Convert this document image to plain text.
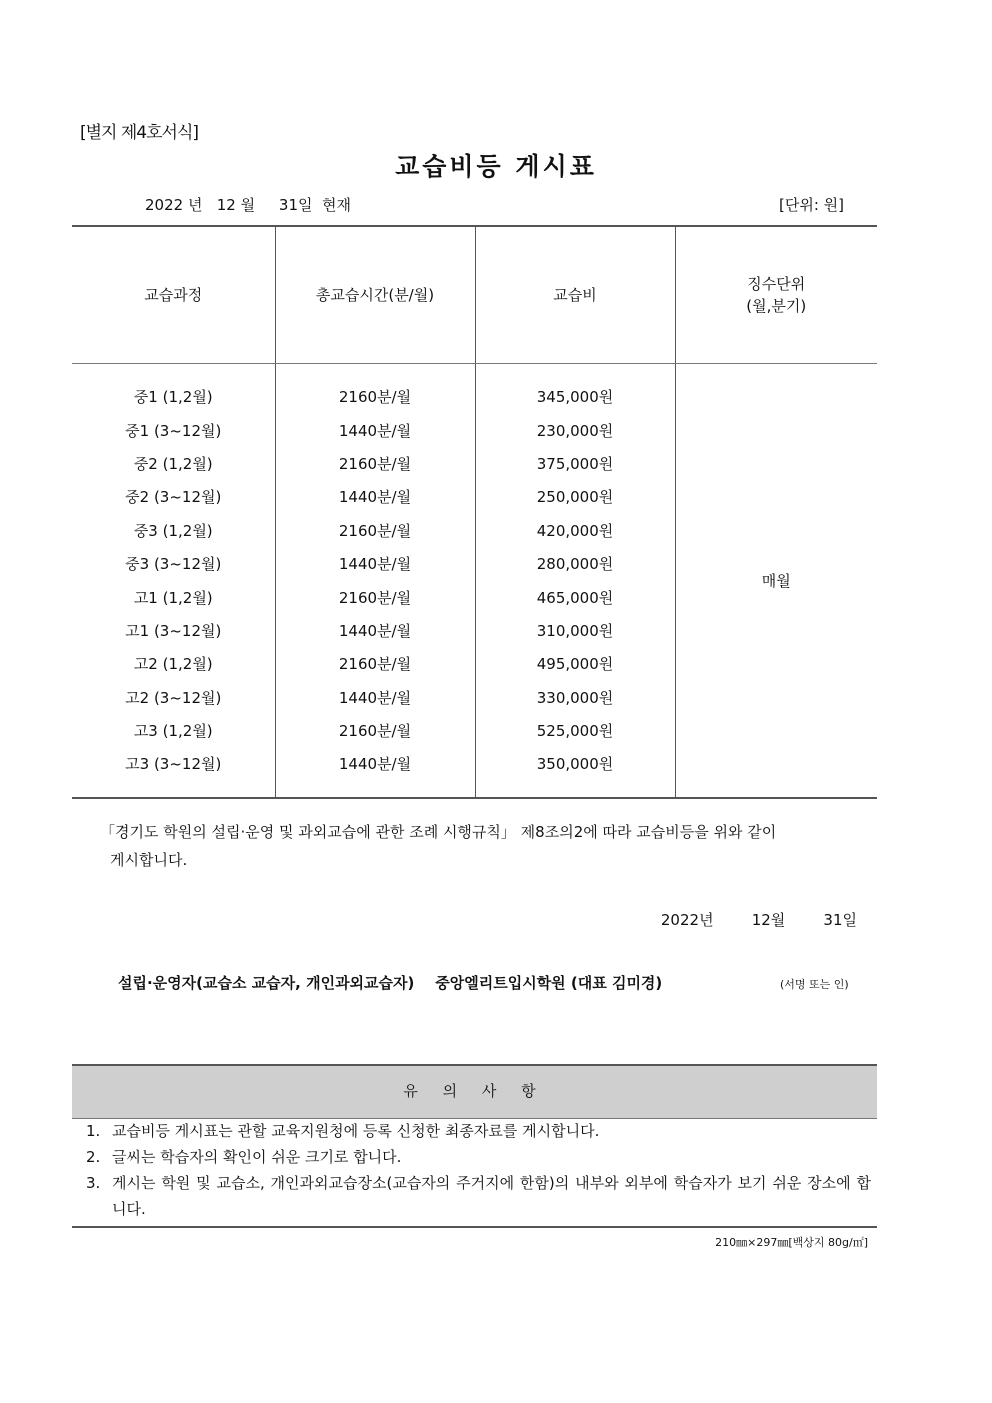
[별지 제4호서식]
교습비등 게시표
2022 년   12 월     31일  현재	[단위: 원]
교습과정	총교습시간(분/월)	교습비	징수단위
(월,분기)

			매월
중1 (1,2월)	2160분/월	345,000원	
중1 (3~12월)	1440분/월	230,000원	
중2 (1,2월)	2160분/월	375,000원	
중2 (3~12월)	1440분/월	250,000원	
중3 (1,2월)	2160분/월	420,000원	
중3 (3~12월)	1440분/월	280,000원	
고1 (1,2월)	2160분/월	465,000원	
고1 (3~12월)	1440분/월	310,000원	
고2 (1,2월)	2160분/월	495,000원	
고2 (3~12월)	1440분/월	330,000원	
고3 (1,2월)	2160분/월	525,000원	
고3 (3~12월)	1440분/월	350,000원	

「경기도 학원의 설립·운영 및 과외교습에 관한 조례 시행규칙」 제8조의2에 따라 교습비등을 위와 같이
게시합니다.
2022년        12월        31일
설립·운영자(교습소 교습자, 개인과외교습자)    중앙엘리트입시학원 (대표 김미경)	(서명 또는 인)
유 의 사 항
1. 교습비등 게시표는 관할 교육지원청에 등록 신청한 최종자료를 게시합니다.
2. 글씨는 학습자의 확인이 쉬운 크기로 합니다.
3. 게시는 학원 및 교습소, 개인과외교습장소(교습자의 주거지에 한함)의 내부와 외부에 학습자가 보기 쉬운 장소에 합니다.
210㎜×297㎜[백상지 80g/㎡]
